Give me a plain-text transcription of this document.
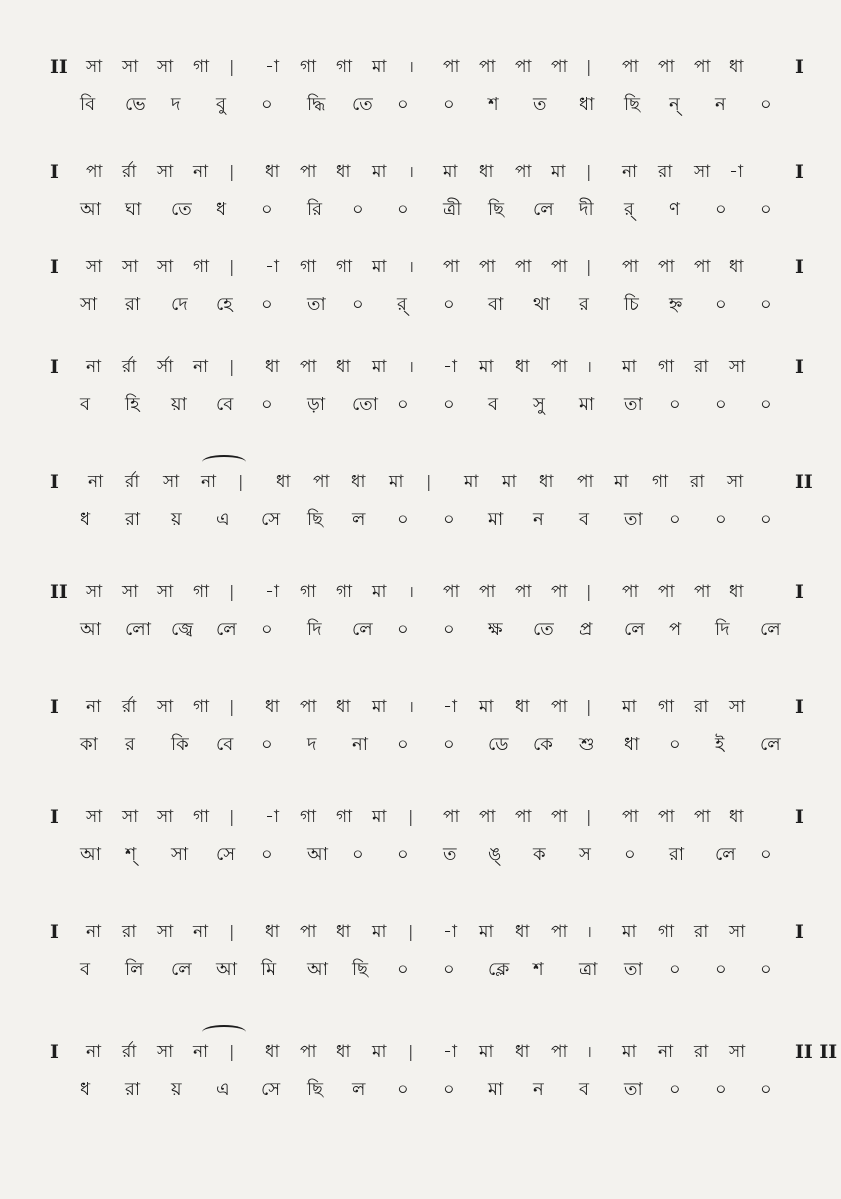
II সা সা সা গা | -া গা গা মা । পা পা পা পা | পা পা পা ধা	I
বি ভে দ বু ০ দ্ধি তে ০ ০ শ ত ধা ছি ন্ ন ০
I পা র্রা সা না | ধা পা ধা মা । মা ধা পা মা | না রা সা -া	I
আ ঘা তে ধ ০ রি ০ ০ ত্রী ছি লে দী র্ ণ ০ ০
I সা সা সা গা | -া গা গা মা । পা পা পা পা | পা পা পা ধা	I
সা রা দে হে ০ তা ০ র্ ০ বা থা র চি হ্ন ০ ০
I না র্রা র্সা না | ধা পা ধা মা । -া মা ধা পা । মা গা রা সা	I
ব হি য়া বে ০ ড়া তো ০ ০ ব সু মা তা ০ ০ ০
I না র্রা সা না | ধা পা ধা মা | মা মা ধা পা মা গা রা সা	II
ধ রা য় এ সে ছি ল ০ ০ মা ন ব তা ০ ০ ০
II সা সা সা গা | -া গা গা মা । পা পা পা পা | পা পা পা ধা	I
আ লো জ্বে লে ০ দি লে ০ ০ ক্ষ তে প্র লে প দি লে
I না র্রা সা গা | ধা পা ধা মা । -া মা ধা পা | মা গা রা সা	I
কা র কি বে ০ দ না ০ ০ ডে কে শু ধা ০ ই লে
I সা সা সা গা | -া গা গা মা | পা পা পা পা | পা পা পা ধা	I
আ শ্ সা সে ০ আ ০ ০ ত ঙ্ ক স ০ রা লে ০
I না রা সা না | ধা পা ধা মা | -া মা ধা পা । মা গা রা সা	I
ব লি লে আ মি আ ছি ০ ০ ক্লে শ ত্রা তা ০ ০ ০
I না র্রা সা না | ধা পা ধা মা | -া মা ধা পা । মা না রা সা	II II
ধ রা য় এ সে ছি ল ০ ০ মা ন ব তা ০ ০ ০
